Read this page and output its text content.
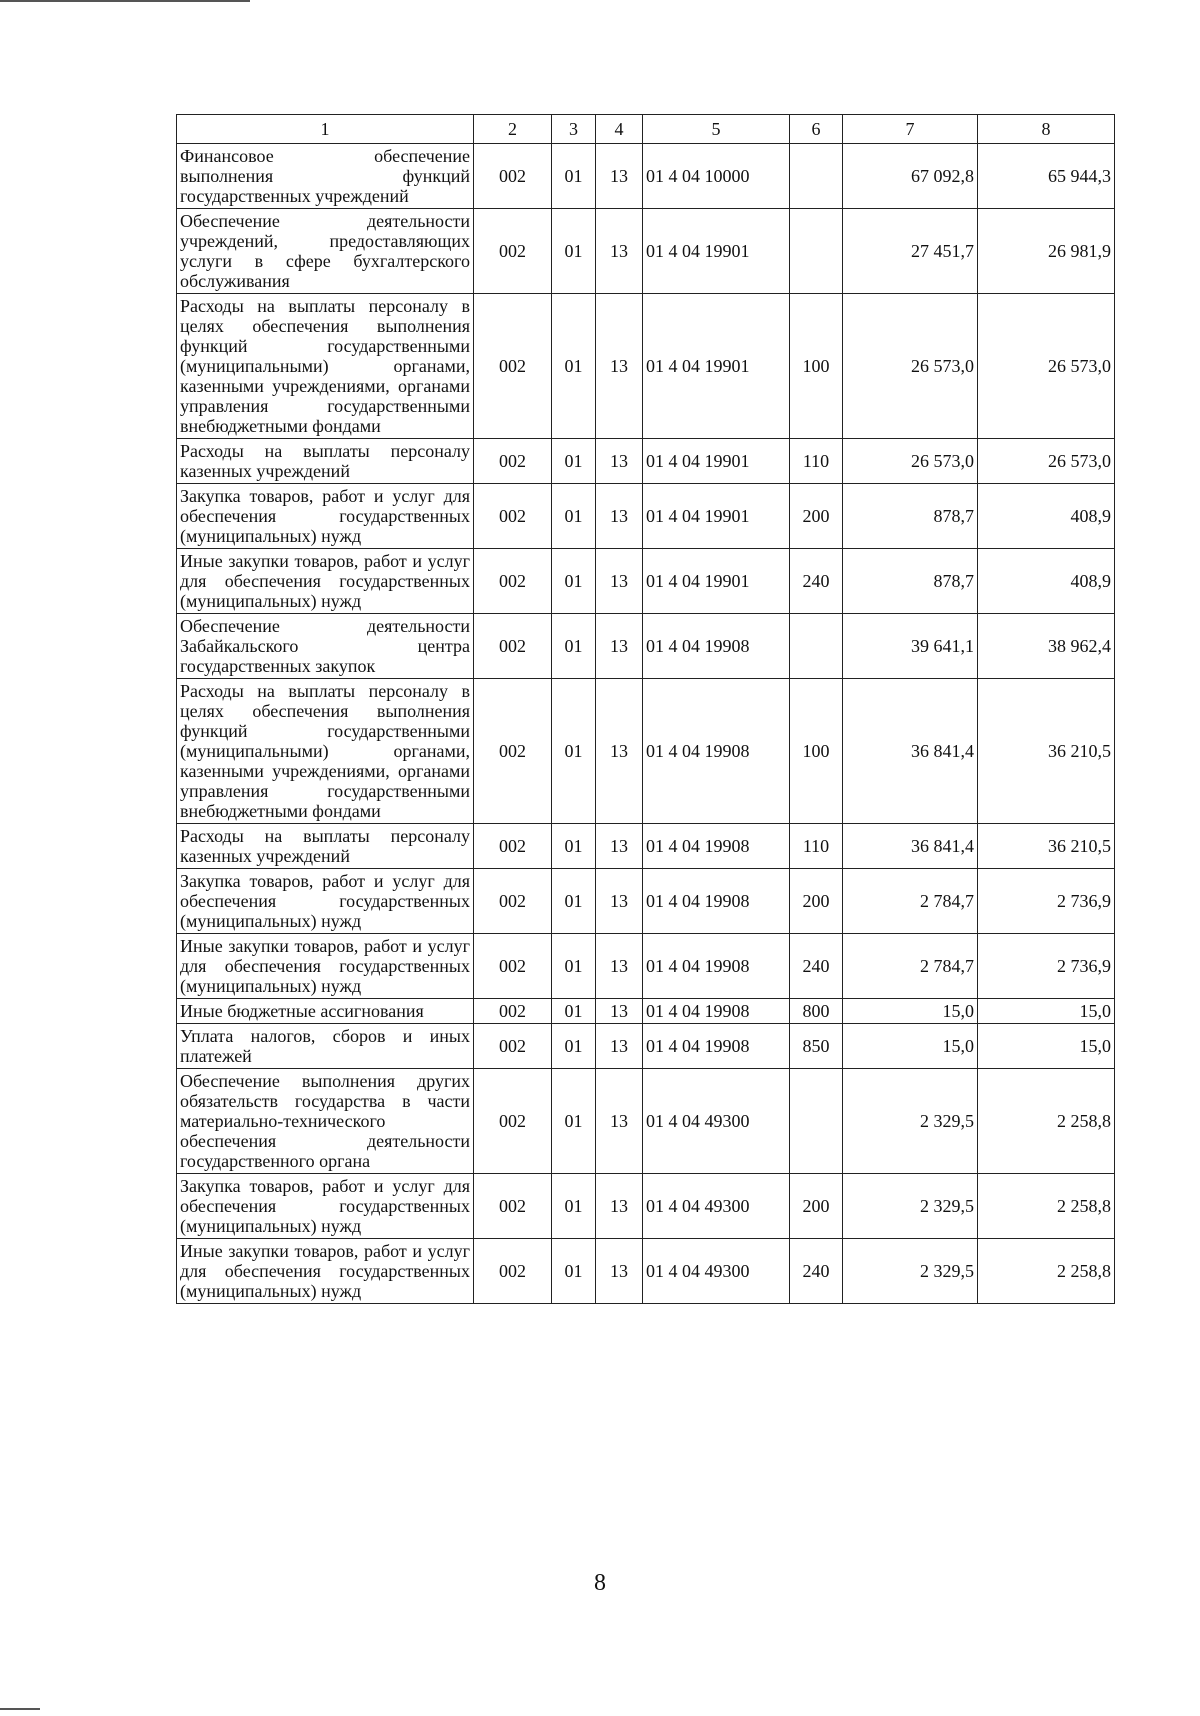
1	2	3	4	5	6	7	8
Финансовое обеспечение выполнения функций государственных учреждений	002	01	13	01 4 04 10000		67 092,8	65 944,3
Обеспечение деятельности учреждений, предоставляющих услуги в сфере бухгалтерского обслуживания	002	01	13	01 4 04 19901		27 451,7	26 981,9
Расходы на выплаты персоналу в целях обеспечения выполнения функций государственными (муниципальными) органами, казенными учреждениями, органами управления государственными внебюджетными фондами	002	01	13	01 4 04 19901	100	26 573,0	26 573,0
Расходы на выплаты персоналу казенных учреждений	002	01	13	01 4 04 19901	110	26 573,0	26 573,0
Закупка товаров, работ и услуг для обеспечения государственных (муниципальных) нужд	002	01	13	01 4 04 19901	200	878,7	408,9
Иные закупки товаров, работ и услуг для обеспечения государственных (муниципальных) нужд	002	01	13	01 4 04 19901	240	878,7	408,9
Обеспечение деятельности Забайкальского центра государственных закупок	002	01	13	01 4 04 19908		39 641,1	38 962,4
Расходы на выплаты персоналу в целях обеспечения выполнения функций государственными (муниципальными) органами, казенными учреждениями, органами управления государственными внебюджетными фондами	002	01	13	01 4 04 19908	100	36 841,4	36 210,5
Расходы на выплаты персоналу казенных учреждений	002	01	13	01 4 04 19908	110	36 841,4	36 210,5
Закупка товаров, работ и услуг для обеспечения государственных (муниципальных) нужд	002	01	13	01 4 04 19908	200	2 784,7	2 736,9
Иные закупки товаров, работ и услуг для обеспечения государственных (муниципальных) нужд	002	01	13	01 4 04 19908	240	2 784,7	2 736,9
Иные бюджетные ассигнования	002	01	13	01 4 04 19908	800	15,0	15,0
Уплата налогов, сборов и иных платежей	002	01	13	01 4 04 19908	850	15,0	15,0
Обеспечение выполнения других обязательств государства в части материально-технического обеспечения деятельности государственного органа	002	01	13	01 4 04 49300		2 329,5	2 258,8
Закупка товаров, работ и услуг для обеспечения государственных (муниципальных) нужд	002	01	13	01 4 04 49300	200	2 329,5	2 258,8
Иные закупки товаров, работ и услуг для обеспечения государственных (муниципальных) нужд	002	01	13	01 4 04 49300	240	2 329,5	2 258,8
8
